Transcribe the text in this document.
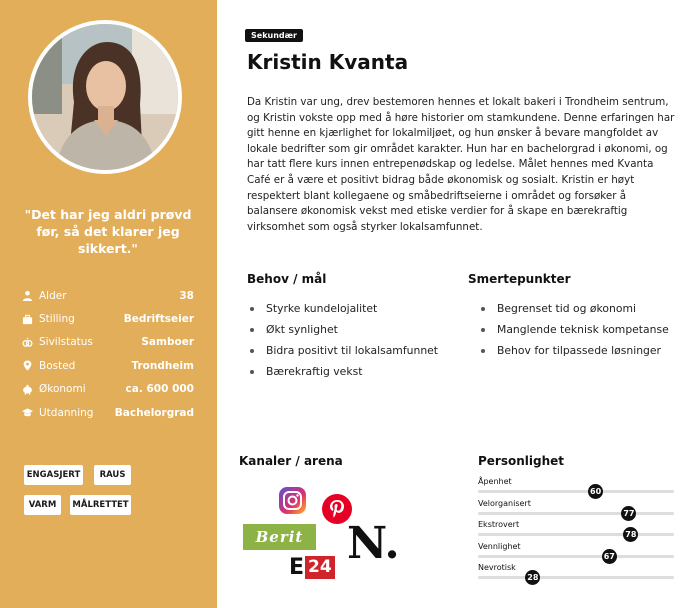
"Det har jeg aldri prøvd før, så det klarer jeg sikkert."
Alder	38
Stilling	Bedriftseier
Sivilstatus	Samboer
Bosted	Trondheim
Økonomi	ca. 600 000
Utdanning Bachelorgrad
ENGASJERT	RAUS
VARM	MÅLRETTET
Sekundær
Kristin Kvanta

Da Kristin var ung, drev bestemoren hennes et lokalt bakeri i Trondheim sentrum, og Kristin vokste opp med å høre historier om stamkundene. Denne erfaringen har gitt henne en kjærlighet for lokalmiljøet, og hun ønsker å bevare mangfoldet av lokale bedrifter som gir området karakter. Hun har en bachelorgrad i økonomi, og har tatt flere kurs innen entrepenødskap og ledelse. Målet hennes med Kvanta Café er å være et positivt bidrag både økonomisk og sosialt. Kristin er høyt respektert blant kollegaene og småbedriftseierne i området og forsøker å balansere økonomisk vekst med etiske verdier for å skape en bærekraftig virksomhet som også styrker lokalsamfunnet.

Behov / mål
Styrke kundelojalitet
Økt synlighet
Bidra positivt til lokalsamfunnet
Bærekraftig vekst
Smertepunkter
Begrenset tid og økonomi
Manglende teknisk kompetanse
Behov for tilpassede løsninger
Kanaler / arena
Berit
E 24 N.
Personlighet
Åpenhet
60
Velorganisert
77
Ekstrovert
78
Vennlighet
67
Nevrotisk
28
